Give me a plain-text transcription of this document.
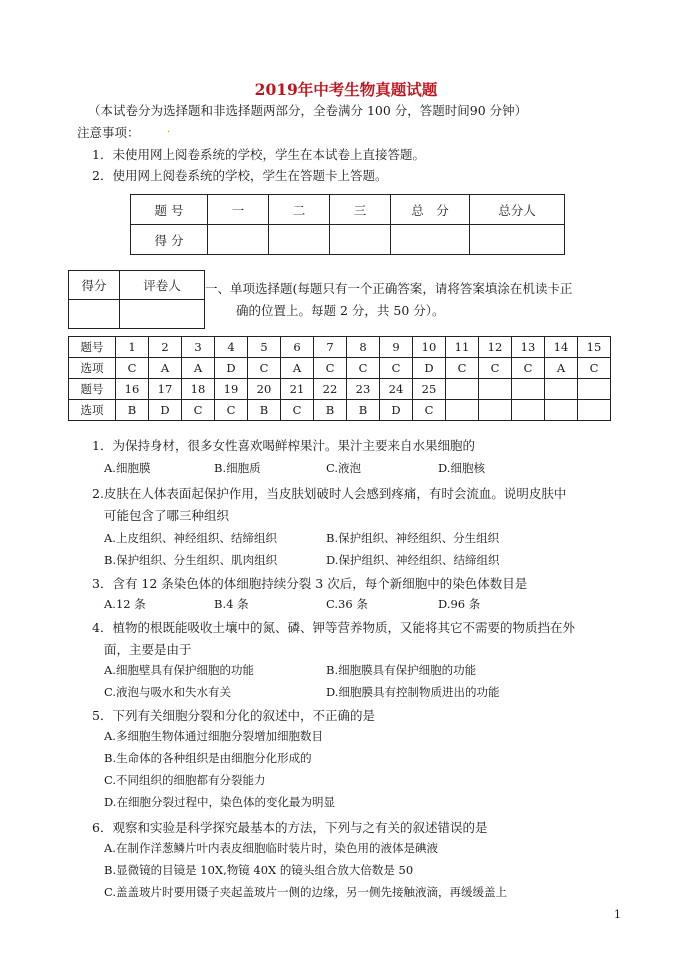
2019年中考生物真题试题
（本试卷分为选择题和非选择题两部分，全卷满分 100 分，答题时间90 分钟）
注意事项：	·
1．未使用网上阅卷系统的学校，学生在本试卷上直接答题。
2．使用网上阅卷系统的学校，学生在答题卡上答题。
题 号	一	二	三	总　分	总分人
得 分					
得分	评卷人
	一、单项选择题(每题只有一个正确答案，请将答案填涂在机读卡正
确的位置上。每题 2 分，共 50 分）。
题号	1	2	3	4	5	6	7	8	9	10	11	12	13	14	15
选项	C	A	A	D	C	A	C	C	C	D	C	C	C	A	C
题号	16	17	18	19	20	21	22	23	24	25					
选项	B	D	C	C	B	C	B	B	D	C					
1．为保持身材，很多女性喜欢喝鲜榨果汁。果汁主要来自水果细胞的
A.细胞膜	B.细胞质	C.液泡	D.细胞核
2.皮肤在人体表面起保护作用，当皮肤划破时人会感到疼痛，有时会流血。说明皮肤中
可能包含了哪三种组织
A.上皮组织、神经组织、结缔组织	B.保护组织、神经组织、分生组织
B.保护组织、分生组织、肌肉组织	D.保护组织、神经组织、结缔组织
3．含有 12 条染色体的体细胞持续分裂 3 次后，每个新细胞中的染色体数目是
A.12 条	B.4 条	C.36 条	D.96 条
4．植物的根既能吸收土壤中的氮、磷、钾等营养物质，又能将其它不需要的物质挡在外
面，主要是由于
A.细胞壁具有保护细胞的功能	B.细胞膜具有保护细胞的功能
C.液泡与吸水和失水有关	D.细胞膜具有控制物质进出的功能
5．下列有关细胞分裂和分化的叙述中，不正确的是
A.多细胞生物体通过细胞分裂增加细胞数目
B.生命体的各种组织是由细胞分化形成的
C.不同组织的细胞都有分裂能力
D.在细胞分裂过程中，染色体的变化最为明显
6．观察和实验是科学探究最基本的方法，下列与之有关的叙述错误的是
A.在制作洋葱鳞片叶内表皮细胞临时装片时，染色用的液体是碘液
B.显微镜的目镜是 10X,物镜 40X 的镜头组合放大倍数是 50
C.盖盖玻片时要用镊子夹起盖玻片一侧的边缘，另一侧先接触液滴，再缓缓盖上
1
